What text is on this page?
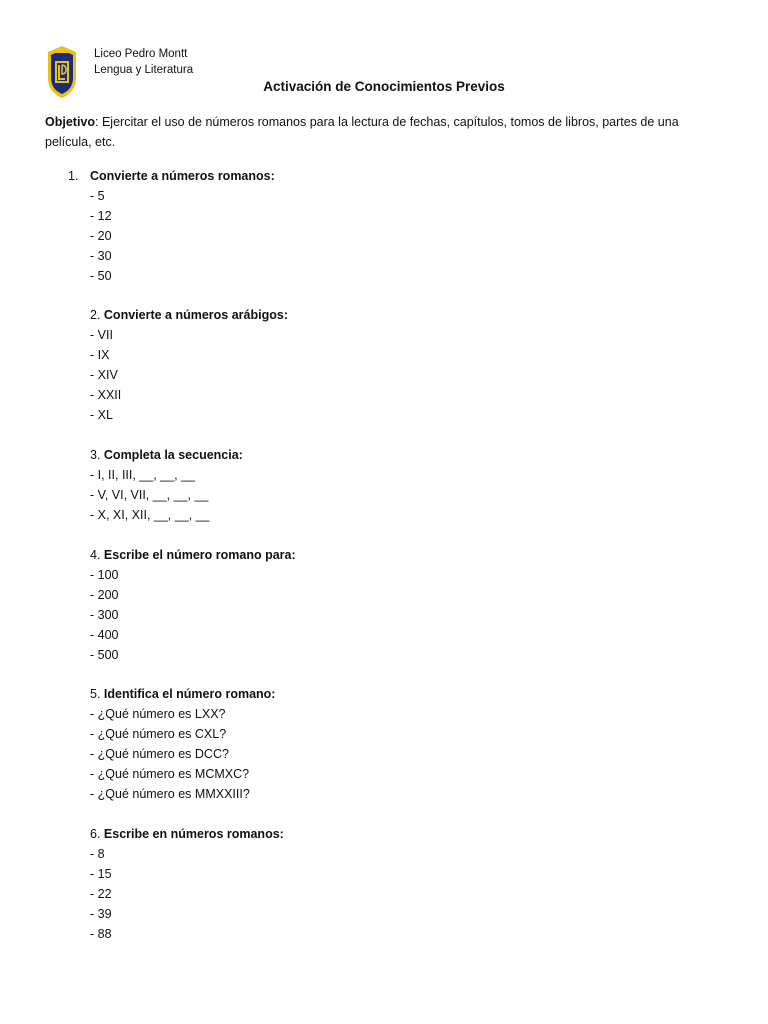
Liceo Pedro Montt
Lengua y Literatura
Activación de Conocimientos Previos
Objetivo: Ejercitar el uso de números romanos para la lectura de fechas, capítulos, tomos de libros, partes de una película, etc.
1. Convierte a números romanos:
- 5
- 12
- 20
- 30
- 50
2. Convierte a números arábigos:
- VII
- IX
- XIV
- XXII
- XL
3. Completa la secuencia:
- I, II, III, __, __, __
- V, VI, VII, __, __, __
- X, XI, XII, __, __, __
4. Escribe el número romano para:
- 100
- 200
- 300
- 400
- 500
5. Identifica el número romano:
- ¿Qué número es LXX?
- ¿Qué número es CXL?
- ¿Qué número es DCC?
- ¿Qué número es MCMXC?
- ¿Qué número es MMXXIII?
6. Escribe en números romanos:
- 8
- 15
- 22
- 39
- 88
